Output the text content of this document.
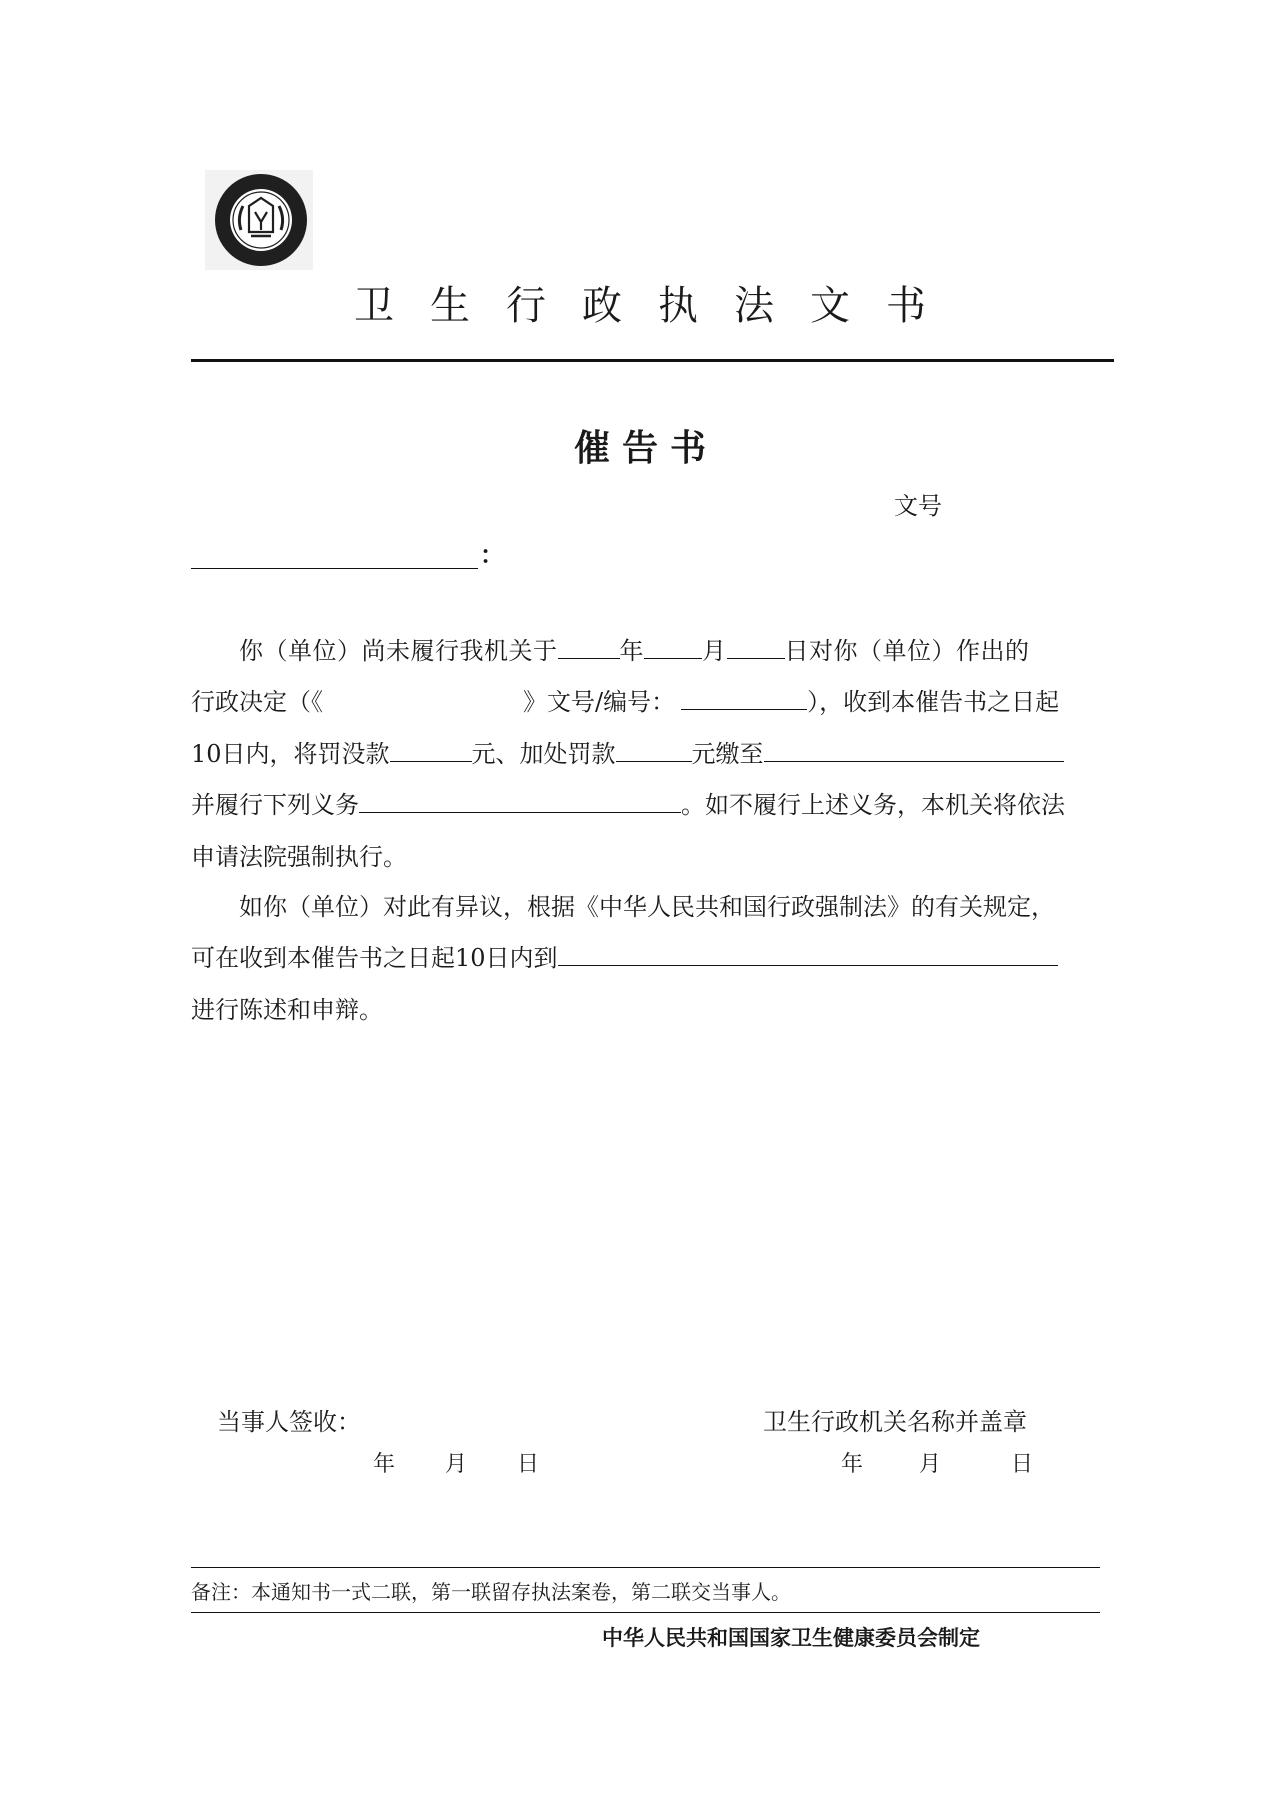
卫生行政执法文书
催告书
文号
：
你（单位）尚未履行我机关于	年 月 日对你（单位）作出的
行政决定（《	》文号/编号：	），收到本催告书之日起
10日内，将罚没款	元、加处罚款	元缴至
并履行下列义务	。如不履行上述义务，本机关将依法
申请法院强制执行。
如你（单位）对此有异议，根据《中华人民共和国行政强制法》的有关规定，
可在收到本催告书之日起10日内到
进行陈述和申辩。
当事人签收：
年 月 日
卫生行政机关名称并盖章
年	月	日
备注：本通知书一式二联，第一联留存执法案卷，第二联交当事人。
中华人民共和国国家卫生健康委员会制定
